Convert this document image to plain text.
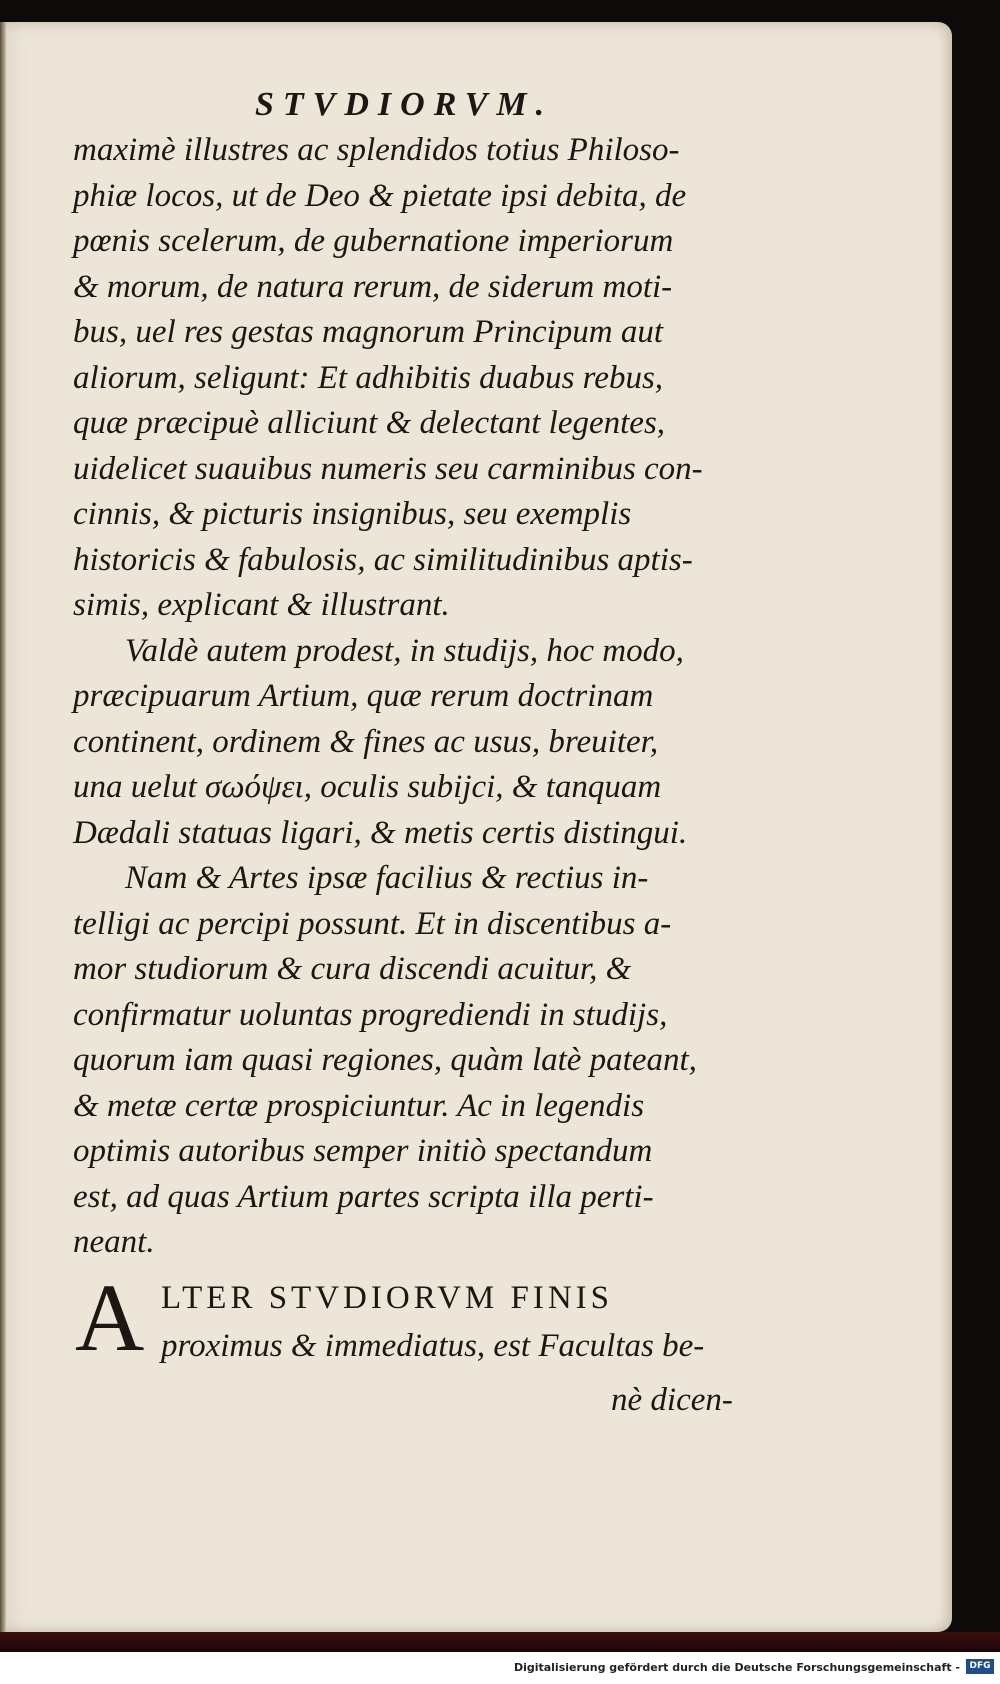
STVDIORVM.
maximè illustres ac splendidos totius Philoso-
phiæ locos, ut de Deo & pietate ipsi debita, de
pœnis scelerum, de gubernatione imperiorum
& morum, de natura rerum, de siderum moti-
bus, uel res gestas magnorum Principum aut
aliorum, seligunt: Et adhibitis duabus rebus,
quæ præcipuè alliciunt & delectant legentes,
uidelicet suauibus numeris seu carminibus con-
cinnis, & picturis insignibus, seu exemplis
historicis & fabulosis, ac similitudinibus aptis-
simis, explicant & illustrant.
Valdè autem prodest, in studijs, hoc modo,
præcipuarum Artium, quæ rerum doctrinam
continent, ordinem & fines ac usus, breuiter,
una uelut σωόψει, oculis subijci, & tanquam
Dædali statuas ligari, & metis certis distingui.
Nam & Artes ipsæ facilius & rectius in-
telligi ac percipi possunt. Et in discentibus a-
mor studiorum & cura discendi acuitur, &
confirmatur uoluntas progrediendi in studijs,
quorum iam quasi regiones, quàm latè pateant,
& metæ certæ prospiciuntur. Ac in legendis
optimis autoribus semper initiò spectandum
est, ad quas Artium partes scripta illa perti-
neant.
A LTER STVDIORVM FINIS
proximus & immediatus, est Facultas be-
nè dicen-
Digitalisierung gefördert durch die Deutsche Forschungsgemeinschaft -	DFG
